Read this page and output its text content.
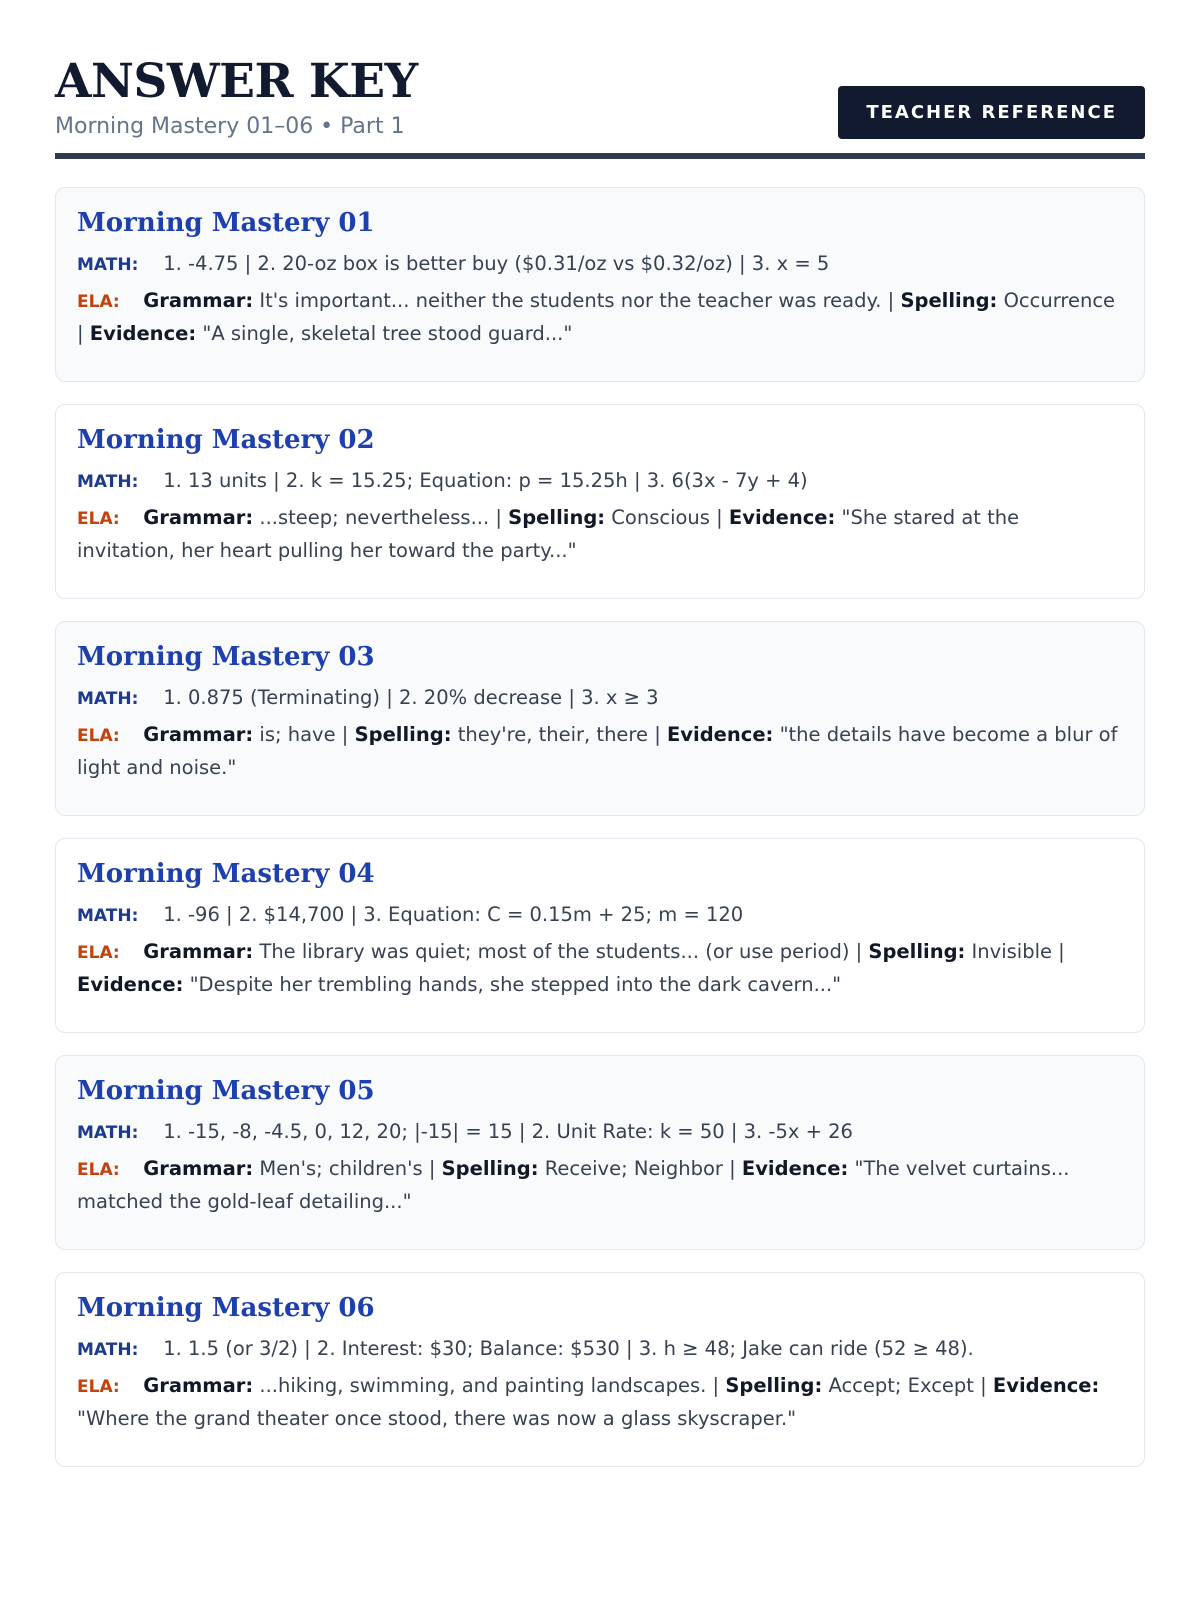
ANSWER KEY
Morning Mastery 01–06 • Part 1
TEACHER REFERENCE
Morning Mastery 01
MATH: 1. -4.75 | 2. 20-oz box is better buy ($0.31/oz vs $0.32/oz) | 3. x = 5
ELA: Grammar: It's important... neither the students nor the teacher was ready. | Spelling: Occurrence | Evidence: "A single, skeletal tree stood guard..."
Morning Mastery 02
MATH: 1. 13 units | 2. k = 15.25; Equation: p = 15.25h | 3. 6(3x - 7y + 4)
ELA: Grammar: ...steep; nevertheless... | Spelling: Conscious | Evidence: "She stared at the invitation, her heart pulling her toward the party..."
Morning Mastery 03
MATH: 1. 0.875 (Terminating) | 2. 20% decrease | 3. x ≥ 3
ELA: Grammar: is; have | Spelling: they're, their, there | Evidence: "the details have become a blur of light and noise."
Morning Mastery 04
MATH: 1. -96 | 2. $14,700 | 3. Equation: C = 0.15m + 25; m = 120
ELA: Grammar: The library was quiet; most of the students... (or use period) | Spelling: Invisible | Evidence: "Despite her trembling hands, she stepped into the dark cavern..."
Morning Mastery 05
MATH: 1. -15, -8, -4.5, 0, 12, 20; |-15| = 15 | 2. Unit Rate: k = 50 | 3. -5x + 26
ELA: Grammar: Men's; children's | Spelling: Receive; Neighbor | Evidence: "The velvet curtains... matched the gold-leaf detailing..."
Morning Mastery 06
MATH: 1. 1.5 (or 3/2) | 2. Interest: $30; Balance: $530 | 3. h ≥ 48; Jake can ride (52 ≥ 48).
ELA: Grammar: ...hiking, swimming, and painting landscapes. | Spelling: Accept; Except | Evidence: "Where the grand theater once stood, there was now a glass skyscraper."
